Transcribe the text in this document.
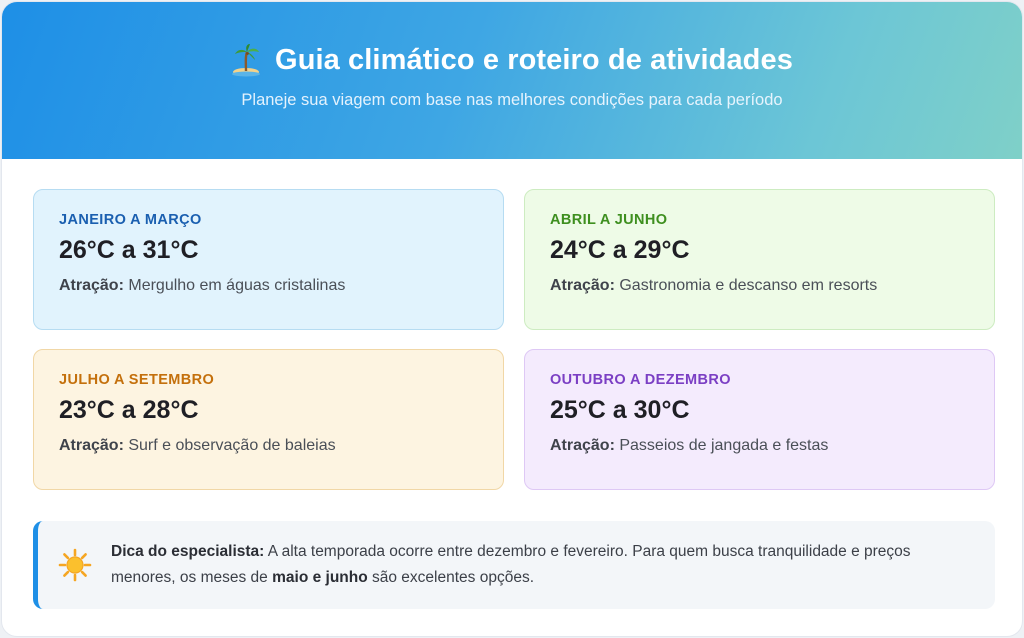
Guia climático e roteiro de atividades
Planeje sua viagem com base nas melhores condições para cada período
JANEIRO A MARÇO
26°C a 31°C
Atração: Mergulho em águas cristalinas
ABRIL A JUNHO
24°C a 29°C
Atração: Gastronomia e descanso em resorts
JULHO A SETEMBRO
23°C a 28°C
Atração: Surf e observação de baleias
OUTUBRO A DEZEMBRO
25°C a 30°C
Atração: Passeios de jangada e festas
Dica do especialista: A alta temporada ocorre entre dezembro e fevereiro. Para quem busca tranquilidade e preços menores, os meses de maio e junho são excelentes opções.
